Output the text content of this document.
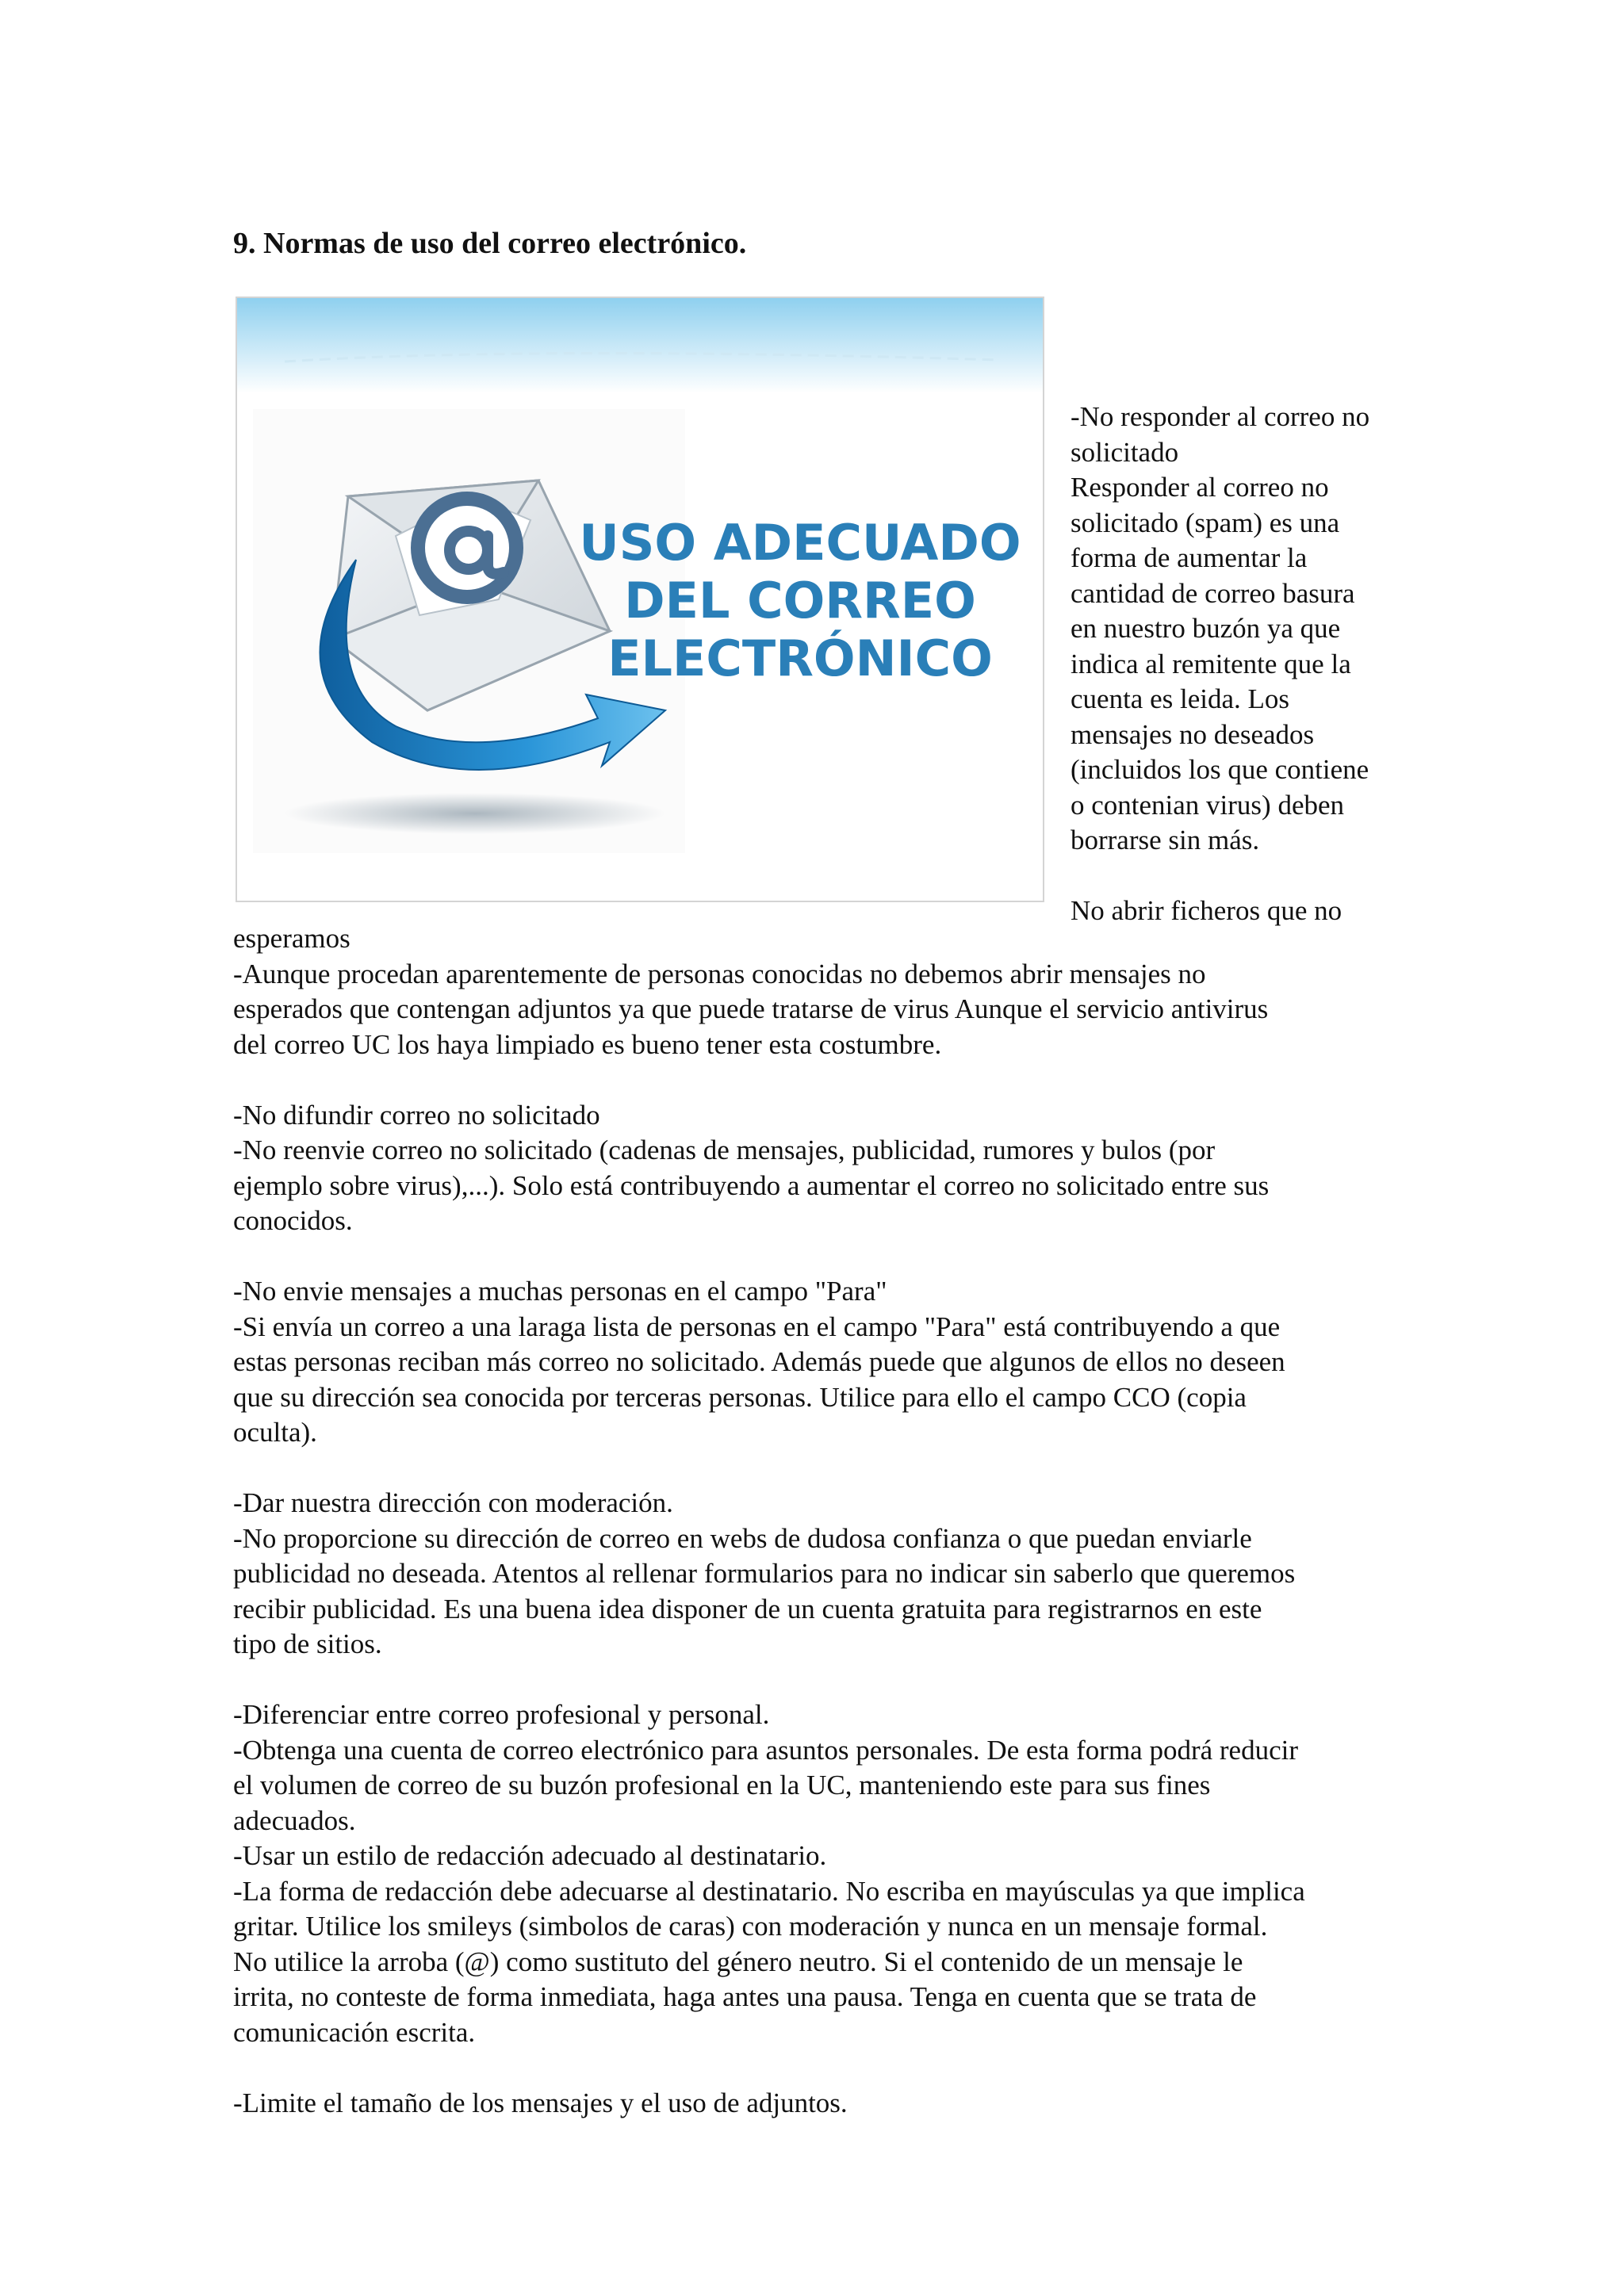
9. Normas de uso del correo electrónico.
USO ADECUADO
DEL CORREO
ELECTRÓNICO

-No responder al correo no

solicitado

Responder al correo no

solicitado (spam) es una

forma de aumentar la

cantidad de correo basura

en nuestro buzón ya que

indica al remitente que la

cuenta es leida. Los

mensajes no deseados

(incluidos los que contiene

o contenian virus) deben

borrarse sin más.

No abrir ficheros que no

esperamos

-Aunque procedan aparentemente de personas conocidas no debemos abrir mensajes no

esperados que contengan adjuntos ya que puede tratarse de virus Aunque el servicio antivirus

del correo UC los haya limpiado es bueno tener esta costumbre.

-No difundir correo no solicitado

-No reenvie correo no solicitado (cadenas de mensajes, publicidad, rumores y bulos (por

ejemplo sobre virus),...). Solo está contribuyendo a aumentar el correo no solicitado entre sus

conocidos.

-No envie mensajes a muchas personas en el campo "Para"

-Si envía un correo a una laraga lista de personas en el campo "Para" está contribuyendo a que

estas personas reciban más correo no solicitado. Además puede que algunos de ellos no deseen

que su dirección sea conocida por terceras personas. Utilice para ello el campo CCO (copia

oculta).

-Dar nuestra dirección con moderación.

-No proporcione su dirección de correo en webs de dudosa confianza o que puedan enviarle

publicidad no deseada. Atentos al rellenar formularios para no indicar sin saberlo que queremos

recibir publicidad. Es una buena idea disponer de un cuenta gratuita para registrarnos en este

tipo de sitios.

-Diferenciar entre correo profesional y personal.

-Obtenga una cuenta de correo electrónico para asuntos personales. De esta forma podrá reducir

el volumen de correo de su buzón profesional en la UC, manteniendo este para sus fines

adecuados.

-Usar un estilo de redacción adecuado al destinatario.

-La forma de redacción debe adecuarse al destinatario. No escriba en mayúsculas ya que implica

gritar. Utilice los smileys (simbolos de caras) con moderación y nunca en un mensaje formal.

No utilice la arroba (@) como sustituto del género neutro. Si el contenido de un mensaje le

irrita, no conteste de forma inmediata, haga antes una pausa. Tenga en cuenta que se trata de

comunicación escrita.

-Limite el tamaño de los mensajes y el uso de adjuntos.
